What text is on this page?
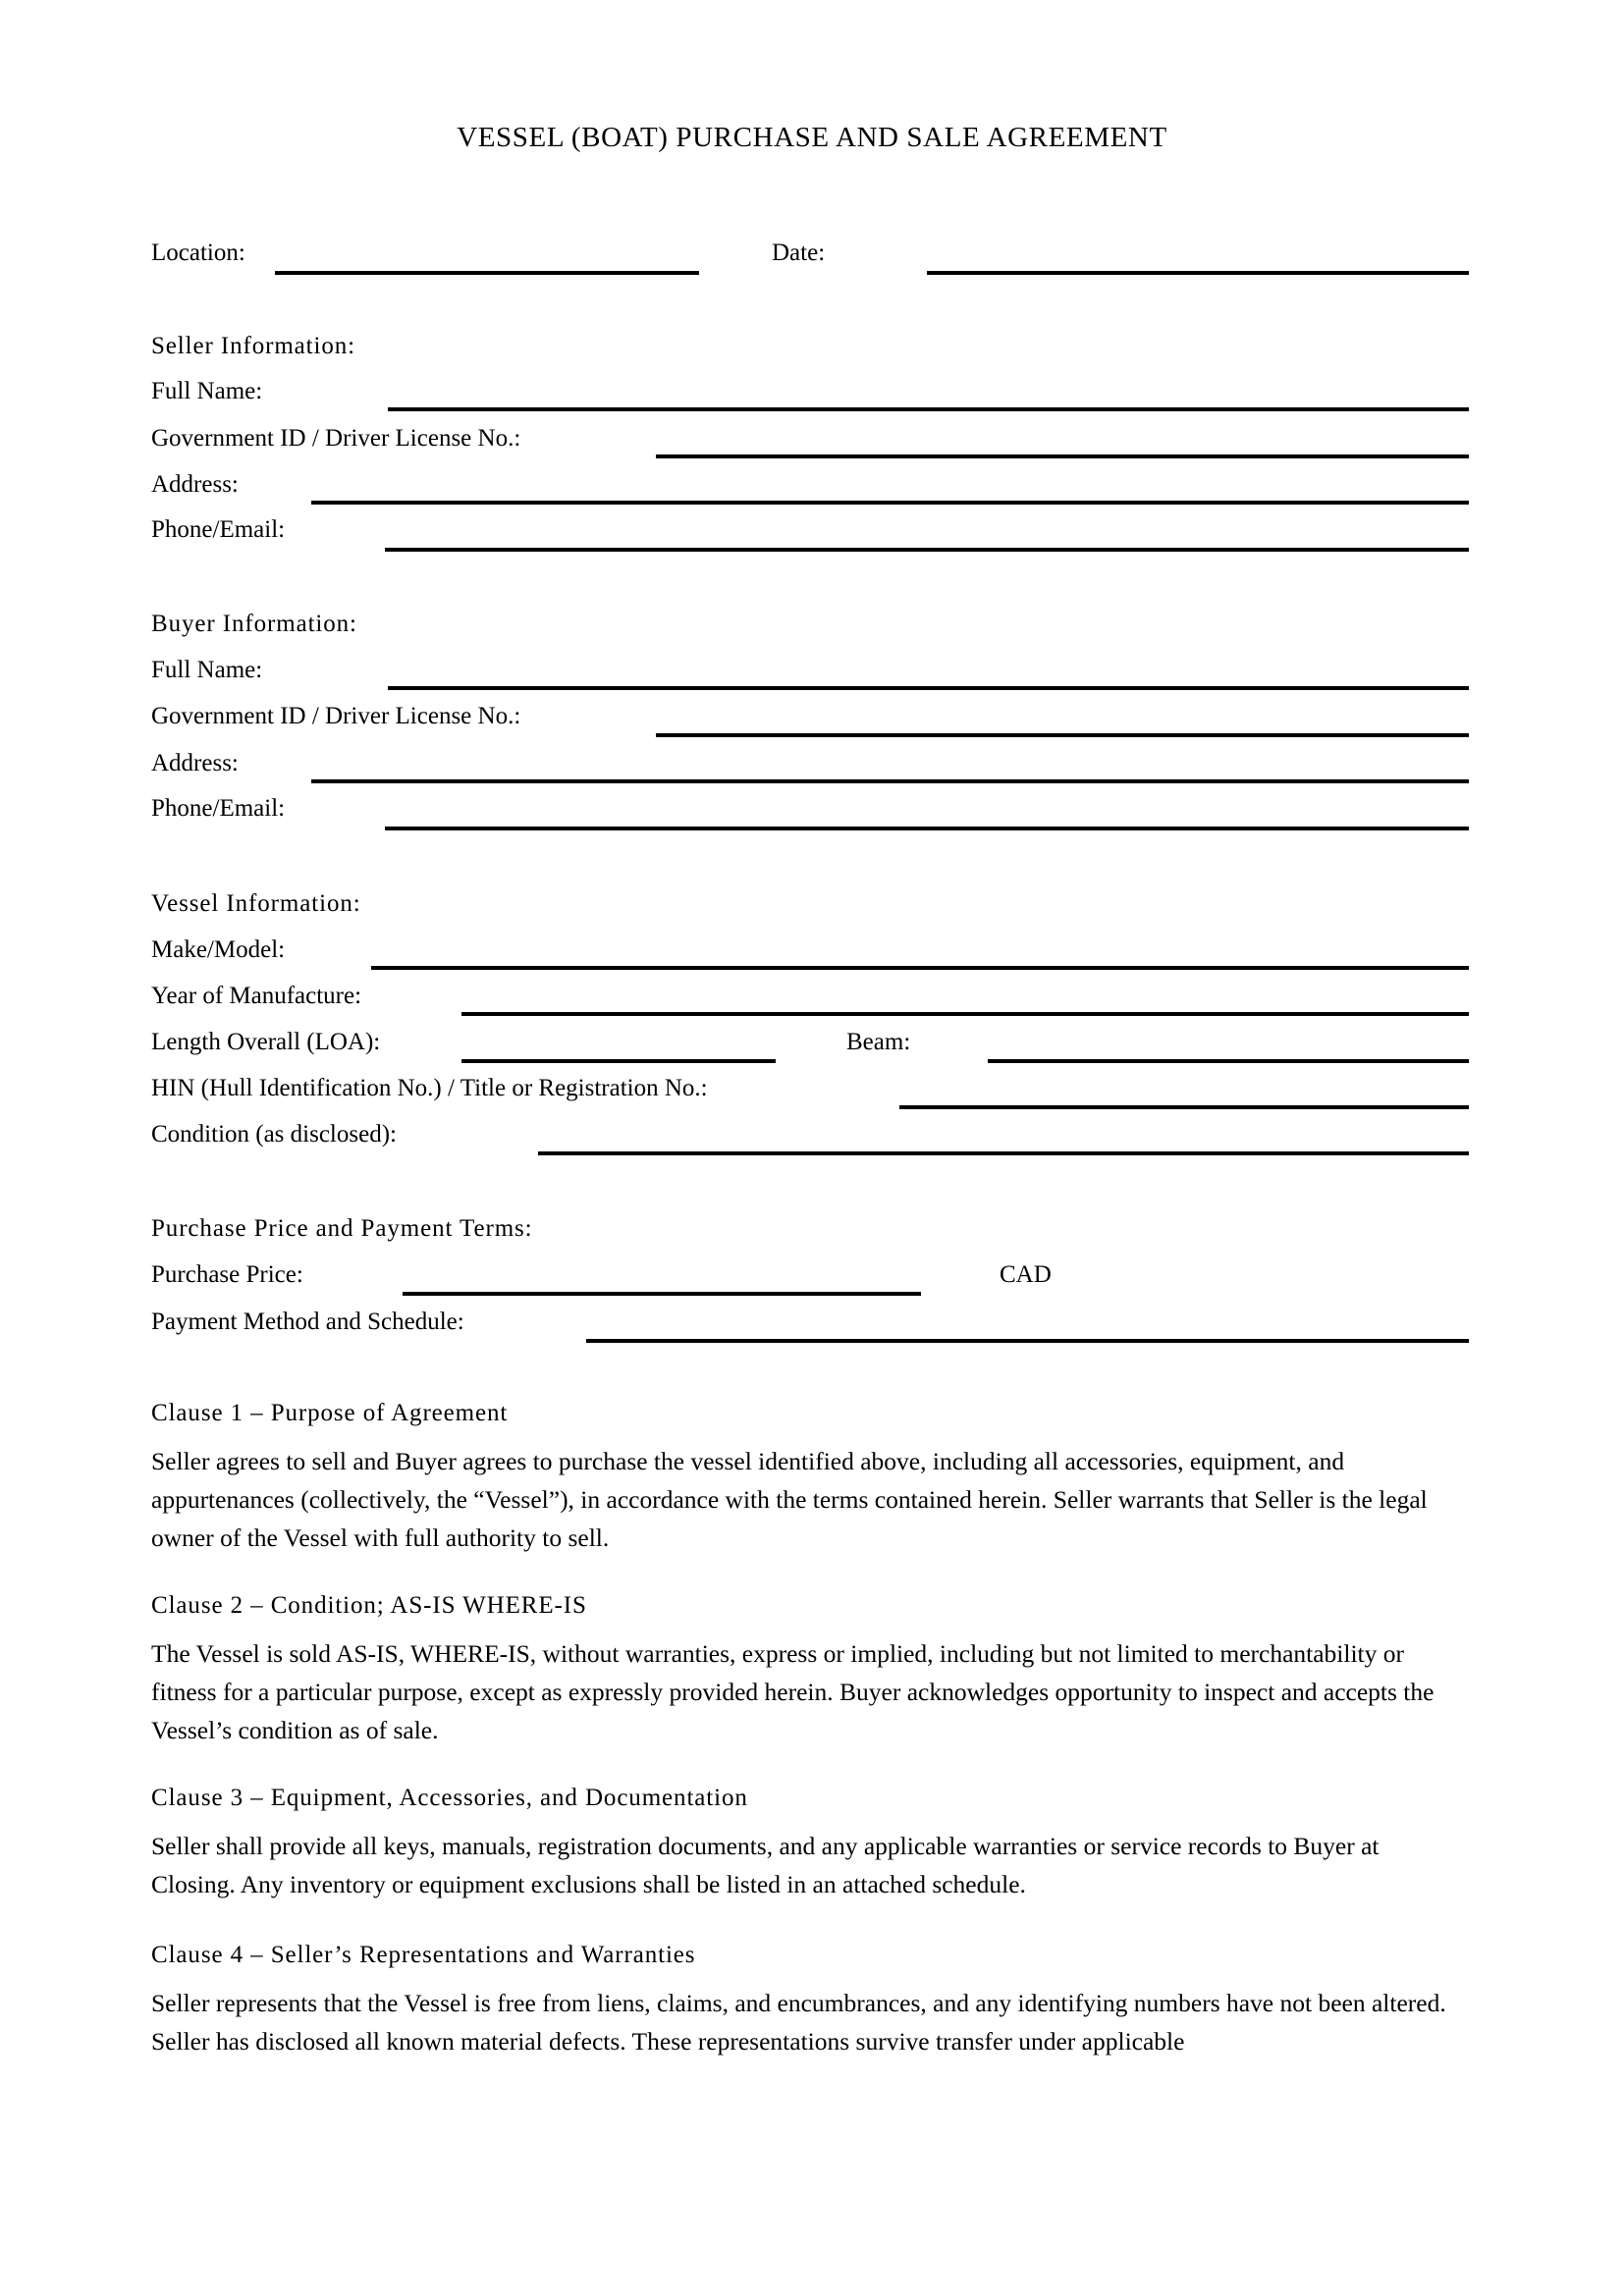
VESSEL (BOAT) PURCHASE AND SALE AGREEMENT
Location:	Date:
Seller Information:
Full Name:
Government ID / Driver License No.:
Address:
Phone/Email:
Buyer Information:
Full Name:
Government ID / Driver License No.:
Address:
Phone/Email:
Vessel Information:
Make/Model:
Year of Manufacture:
Length Overall (LOA):	Beam:
HIN (Hull Identification No.) / Title or Registration No.:
Condition (as disclosed):
Purchase Price and Payment Terms:
Purchase Price:	CAD
Payment Method and Schedule:
Clause 1 – Purpose of Agreement
Seller agrees to sell and Buyer agrees to purchase the vessel identified above, including all accessories, equipment, and appurtenances (collectively, the “Vessel”), in accordance with the terms contained herein. Seller warrants that Seller is the legal owner of the Vessel with full authority to sell.
Clause 2 – Condition; AS-IS WHERE-IS
The Vessel is sold AS-IS, WHERE-IS, without warranties, express or implied, including but not limited to merchantability or fitness for a particular purpose, except as expressly provided herein. Buyer acknowledges opportunity to inspect and accepts the Vessel’s condition as of sale.
Clause 3 – Equipment, Accessories, and Documentation
Seller shall provide all keys, manuals, registration documents, and any applicable warranties or service records to Buyer at Closing. Any inventory or equipment exclusions shall be listed in an attached schedule.
Clause 4 – Seller’s Representations and Warranties
Seller represents that the Vessel is free from liens, claims, and encumbrances, and any identifying numbers have not been altered. Seller has disclosed all known material defects. These representations survive transfer under applicable
